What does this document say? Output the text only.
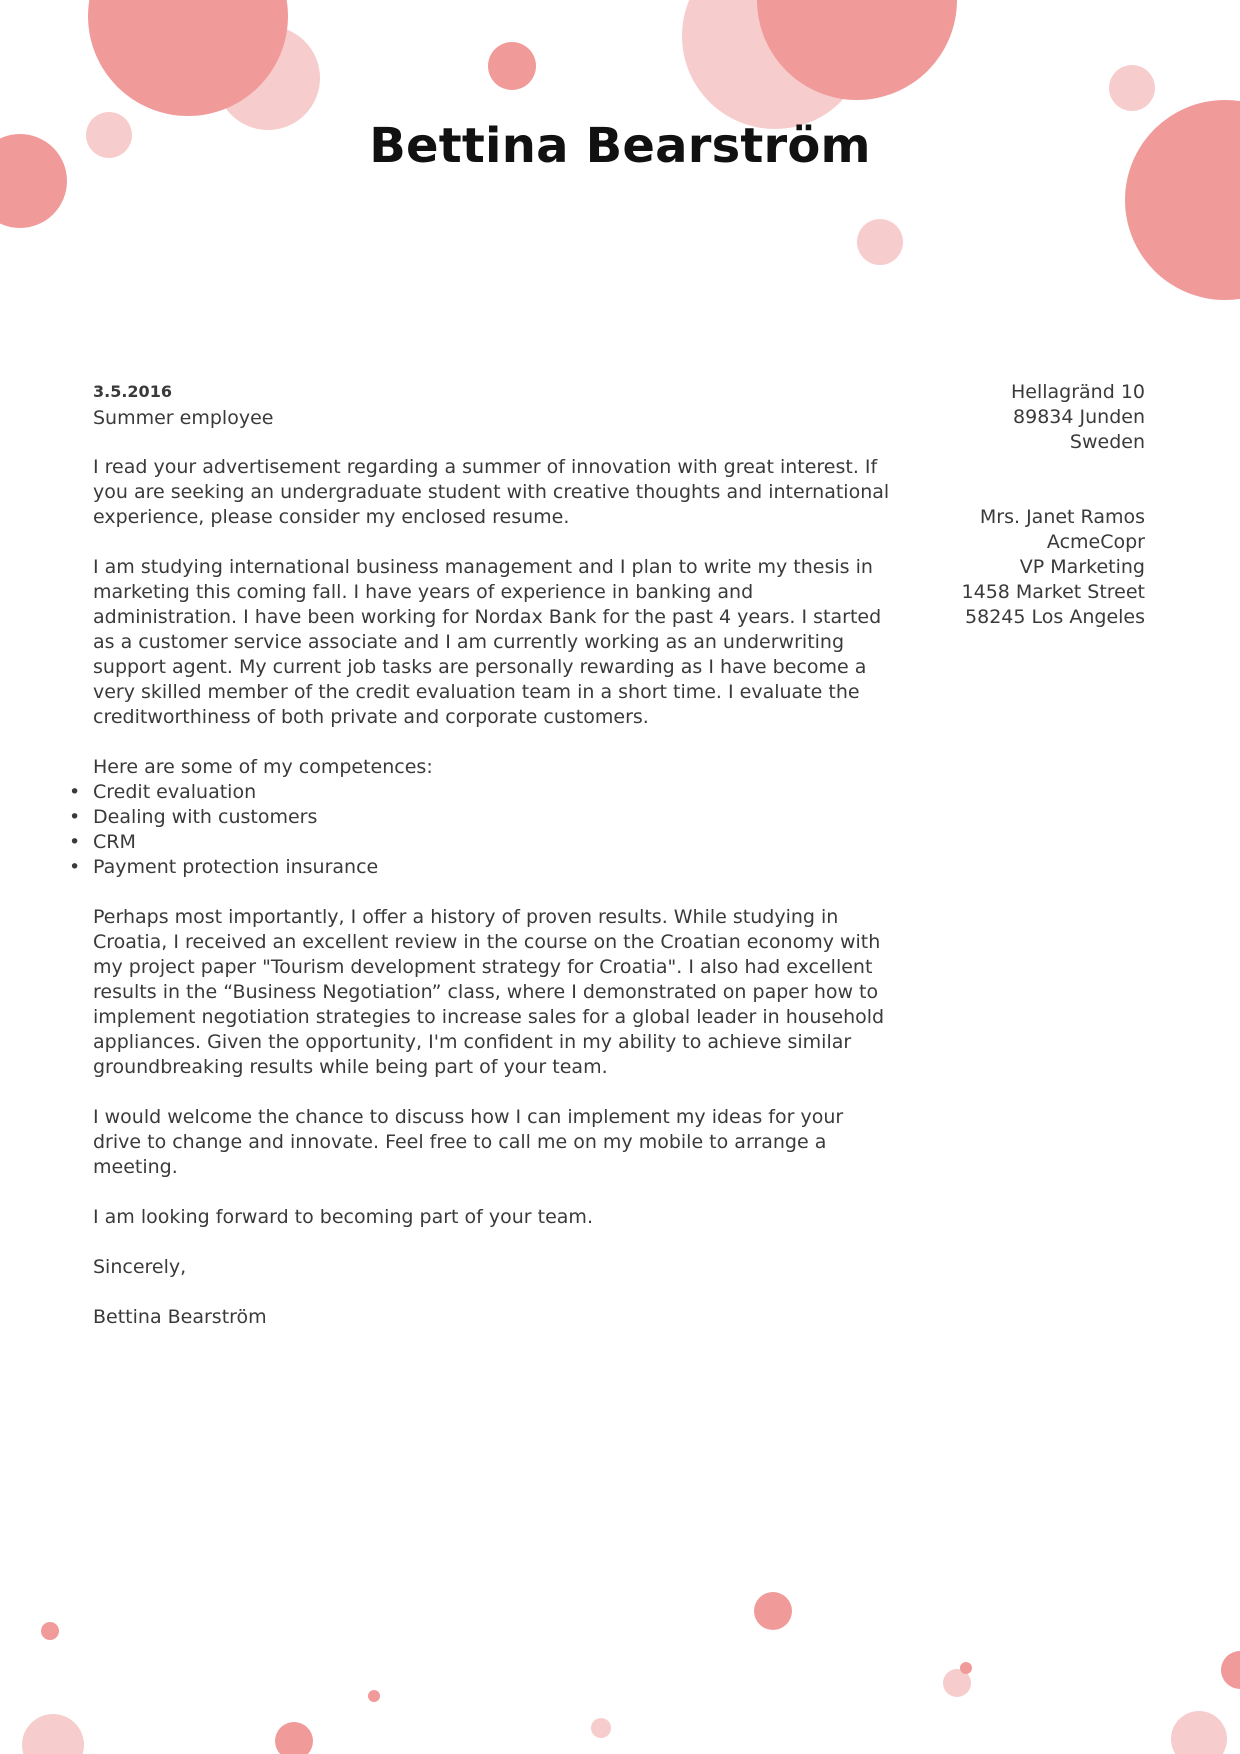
Bettina Bearström
3.5.2016
Summer employee
Hellagränd 10
89834 Junden
Sweden
Mrs. Janet Ramos
AcmeCopr
VP Marketing
1458 Market Street
58245 Los Angeles

I read your advertisement regarding a summer of innovation with great interest. If you are seeking an undergraduate student with creative thoughts and international experience, please consider my enclosed resume.

I am studying international business management and I plan to write my thesis in marketing this coming fall. I have years of experience in banking and administration. I have been working for Nordax Bank for the past 4 years. I started as a customer service associate and I am currently working as an underwriting support agent. My current job tasks are personally rewarding as I have become a very skilled member of the credit evaluation team in a short time. I evaluate the creditworthiness of both private and corporate customers.

Here are some of my competences:

• Credit evaluation
• Dealing with customers
• CRM
• Payment protection insurance

Perhaps most importantly, I offer a history of proven results. While studying in Croatia, I received an excellent review in the course on the Croatian economy with my project paper "Tourism development strategy for Croatia". I also had excellent results in the “Business Negotiation” class, where I demonstrated on paper how to implement negotiation strategies to increase sales for a global leader in household appliances. Given the opportunity, I'm confident in my ability to achieve similar groundbreaking results while being part of your team.

I would welcome the chance to discuss how I can implement my ideas for your drive to change and innovate. Feel free to call me on my mobile to arrange a meeting.

I am looking forward to becoming part of your team.

Sincerely,

Bettina Bearström
